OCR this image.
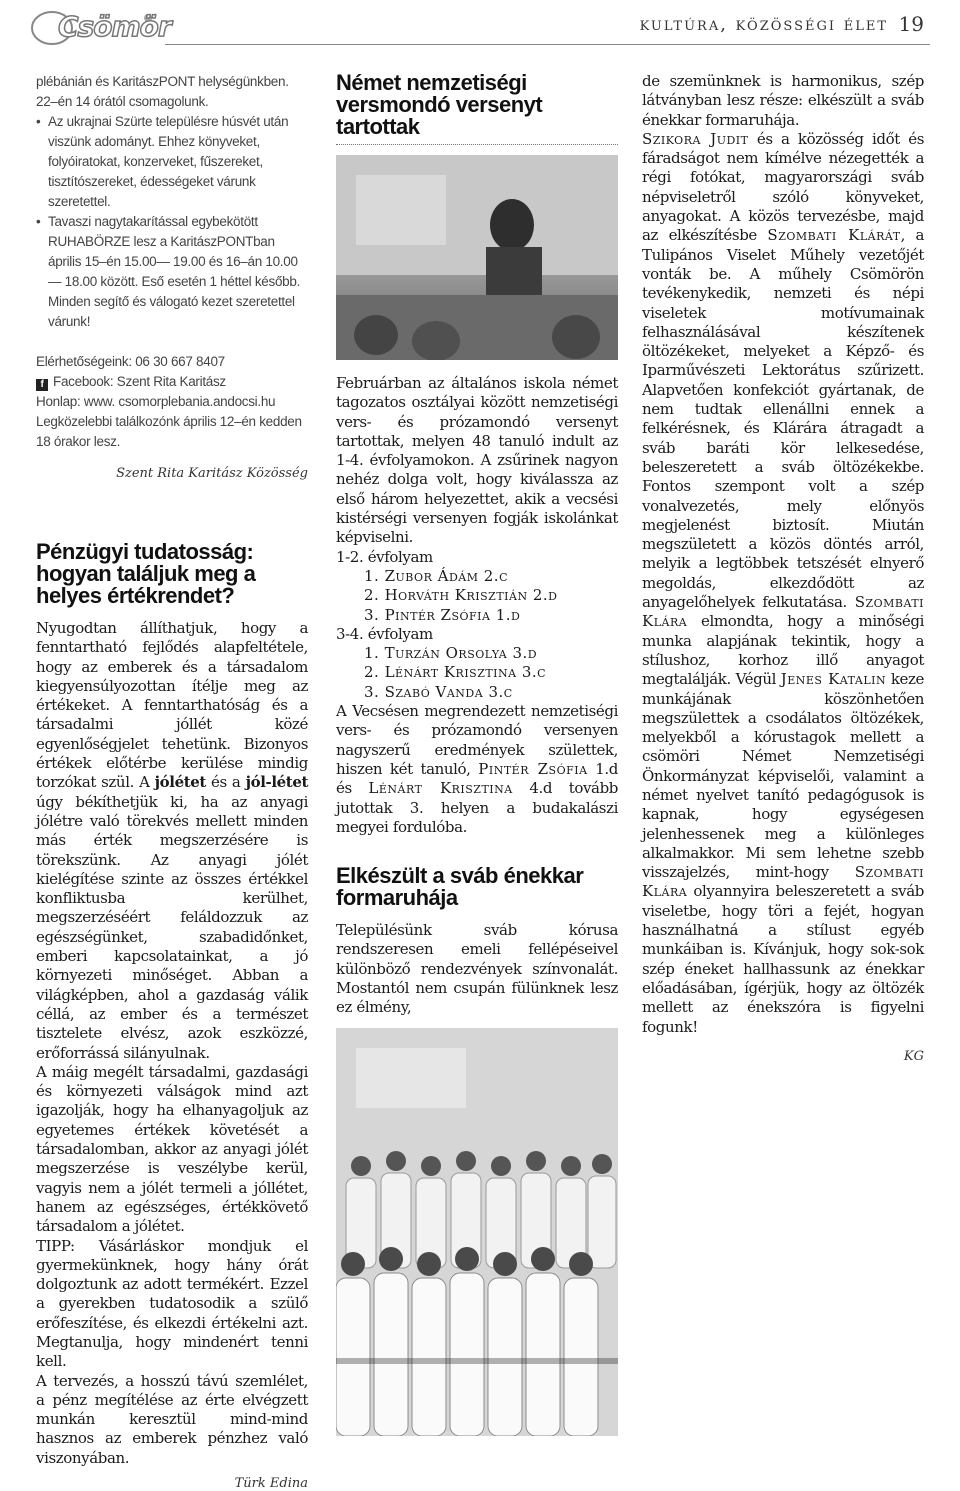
Csömör	kultúra, közösségi élet 19
plébánián és KaritászPONT helységünkben. 22–én 14 órától csomagolunk.
• Az ukrajnai Szürte településre húsvét után viszünk adományt. Ehhez könyveket, folyóiratokat, konzerveket, fűszereket, tisztítószereket, édességeket várunk szeretettel.
• Tavaszi nagytakarítással egybekötött RUHABÖRZE lesz a KaritászPONTban április 15–én 15.00— 19.00 és 16–án 10.00— 18.00 között. Eső esetén 1 héttel később. Minden segítő és válogató kezet szeretettel várunk!
Elérhetőségeink: 06 30 667 8407
f Facebook: Szent Rita Karitász
Honlap: www. csomorplebania.andocsi.hu
Legközelebbi találkozónk április 12–én kedden 18 órakor lesz.
Szent Rita Karitász Közösség
Pénzügyi tudatosság: hogyan találjuk meg a helyes értékrendet?

Nyugodtan állíthatjuk, hogy a fenntartható fejlődés alapfeltétele, hogy az emberek és a társadalom kiegyensúlyozottan ítélje meg az értékeket. A fenntarthatóság és a társadalmi jóllét közé egyenlőségjelet tehetünk. Bizonyos értékek előtérbe kerülése mindig torzókat szül. A jólétet és a jól-létet úgy békíthetjük ki, ha az anyagi jólétre való törekvés mellett minden más érték megszerzésére is törekszünk. Az anyagi jólét kielégítése szinte az összes értékkel konfliktusba kerülhet, megszerzéséért feláldozzuk az egészségünket, szabadidőnket, emberi kapcsolatainkat, a jó környezeti minőséget. Abban a világképben, ahol a gazdaság válik céllá, az ember és a természet tisztelete elvész, azok eszközzé, erőforrássá silányulnak.

A máig megélt társadalmi, gazdasági és környezeti válságok mind azt igazolják, hogy ha elhanyagoljuk az egyetemes értékek követését a társadalomban, akkor az anyagi jólét megszerzése is veszélybe kerül, vagyis nem a jólét termeli a jóllétet, hanem az egészséges, értékkövető társadalom a jólétet.

TIPP: Vásárláskor mondjuk el gyermekünknek, hogy hány órát dolgoztunk az adott termékért. Ezzel a gyerekben tudatosodik a szülő erőfeszítése, és elkezdi értékelni azt. Megtanulja, hogy mindenért tenni kell.

A tervezés, a hosszú távú szemlélet, a pénz megítélése az érte elvégzett munkán keresztül mind-mind hasznos az emberek pénzhez való viszonyában.

Türk Edina
Német nemzetiségi versmondó versenyt tartottak

Februárban az általános iskola német tagozatos osztályai között nemzetiségi vers- és prózamondó versenyt tartottak, melyen 48 tanuló indult az 1-4. évfolyamokon. A zsűrinek nagyon nehéz dolga volt, hogy kiválassza az első három helyezettet, akik a vecsési kistérségi versenyen fogják iskolánkat képviselni.

1-2. évfolyam

1. Zubor Ádám 2.c
2. Horváth Krisztián 2.d
3. Pintér Zsófia 1.d

3-4. évfolyam

1. Turzán Orsolya 3.d
2. Lénárt Krisztina 3.c
3. Szabó Vanda 3.c

A Vecsésen megrendezett nemzetiségi vers- és prózamondó versenyen nagyszerű eredmények születtek, hiszen két tanuló, Pintér Zsófia 1.d és Lénárt Krisztina 4.d tovább jutottak 3. helyen a budakalászi megyei fordulóba.

Elkészült a sváb énekkar formaruhája
Településünk sváb kórusa rendszeresen emeli fellépéseivel különböző rendezvények színvonalát. Mostantól nem csupán fülünknek lesz ez élmény,

de szemünknek is harmonikus, szép látványban lesz része: elkészült a sváb énekkar formaruhája.

Szikora Judit és a közösség időt és fáradságot nem kímélve nézegették a régi fotókat, magyarországi sváb népviseletről szóló könyveket, anyagokat. A közös tervezésbe, majd az elkészítésbe Szombati Klárát, a Tulipános Viselet Műhely vezetőjét vonták be. A műhely Csömörön tevékenykedik, nemzeti és népi viseletek motívumainak felhasználásával készítenek öltözékeket, melyeket a Képző- és Iparművészeti Lektorátus szűrizett. Alapvetően konfekciót gyártanak, de nem tudtak ellenállni ennek a felkérésnek, és Klárára átragadt a sváb baráti kör lelkesedése, beleszeretett a sváb öltözékekbe. Fontos szempont volt a szép vonalvezetés, mely előnyös megjelenést biztosít. Miután megszületett a közös döntés arról, melyik a legtöbbek tetszését elnyerő megoldás, elkezdődött az anyagelőhelyek felkutatása. Szombati Klára elmondta, hogy a minőségi munka alapjának tekintik, hogy a stílushoz, korhoz illő anyagot megtalálják. Végül Jenes Katalin keze munkájának köszönhetően megszülettek a csodálatos öltözékek, melyekből a kórustagok mellett a csömöri Német Nemzetiségi Önkormányzat képviselői, valamint a német nyelvet tanító pedagógusok is kapnak, hogy egységesen jelenhessenek meg a különleges alkalmakkor. Mi sem lehetne szebb visszajelzés, mint-hogy Szombati Klára olyannyira beleszeretett a sváb viseletbe, hogy töri a fejét, hogyan használhatná a stílust egyéb munkáiban is. Kívánjuk, hogy sok-sok szép éneket hallhassunk az énekkar előadásában, ígérjük, hogy az öltözék mellett az énekszóra is figyelni fogunk!

KG
